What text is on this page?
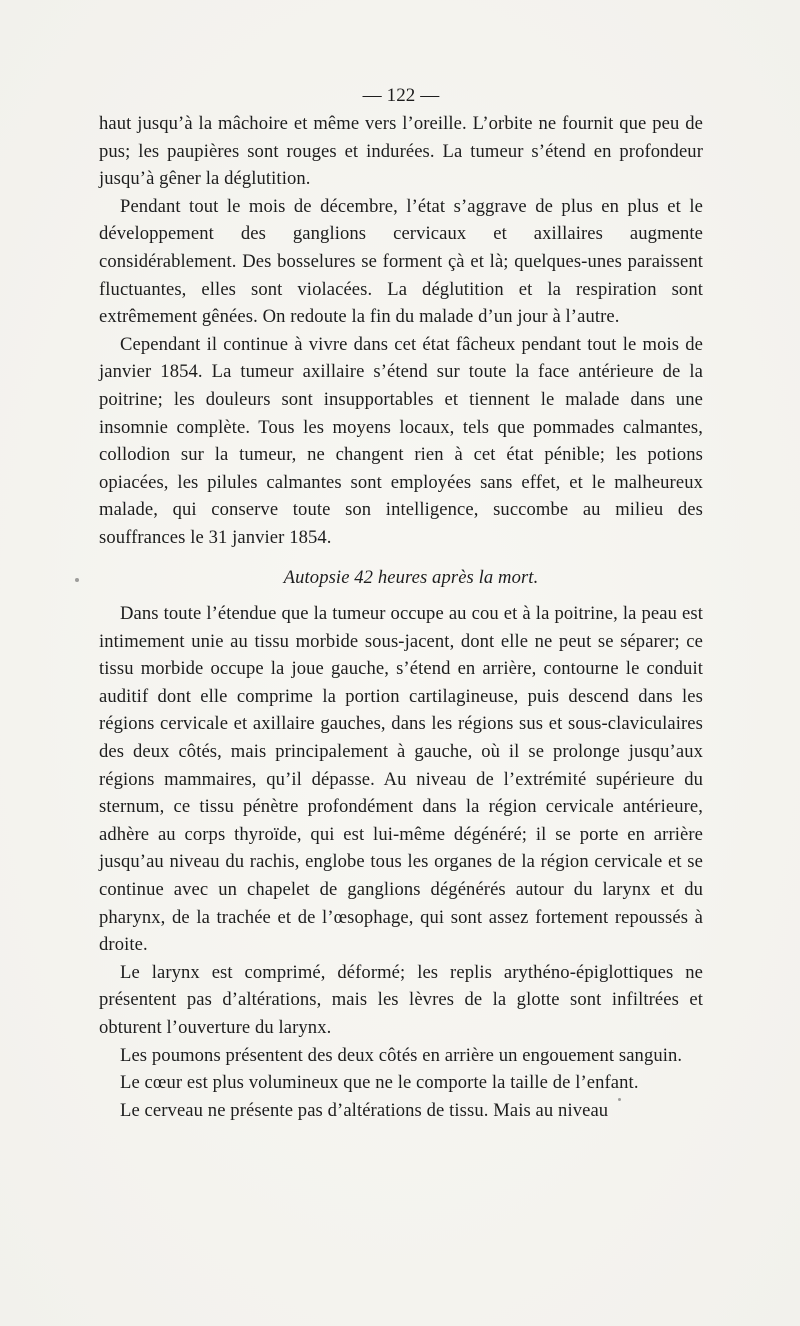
— 122 —

haut jusqu’à la mâchoire et même vers l’oreille. L’orbite ne fournit que peu de pus; les paupières sont rouges et indurées. La tumeur s’étend en profondeur jusqu’à gêner la déglutition.

Pendant tout le mois de décembre, l’état s’aggrave de plus en plus et le développement des ganglions cervicaux et axillaires augmente considérablement. Des bosselures se forment çà et là; quelques-unes paraissent fluctuantes, elles sont violacées. La déglutition et la respiration sont extrêmement gênées. On redoute la fin du malade d’un jour à l’autre.

Cependant il continue à vivre dans cet état fâcheux pendant tout le mois de janvier 1854. La tumeur axillaire s’étend sur toute la face antérieure de la poitrine; les douleurs sont insupportables et tiennent le malade dans une insomnie complète. Tous les moyens locaux, tels que pommades calmantes, collodion sur la tumeur, ne changent rien à cet état pénible; les potions opiacées, les pilules calmantes sont employées sans effet, et le malheureux malade, qui conserve toute son intelligence, succombe au milieu des souffrances le 31 janvier 1854.

Autopsie 42 heures après la mort.

Dans toute l’étendue que la tumeur occupe au cou et à la poitrine, la peau est intimement unie au tissu morbide sous-jacent, dont elle ne peut se séparer; ce tissu morbide occupe la joue gauche, s’étend en arrière, contourne le conduit auditif dont elle comprime la portion cartilagineuse, puis descend dans les régions cervicale et axillaire gauches, dans les régions sus et sous-claviculaires des deux côtés, mais principalement à gauche, où il se prolonge jusqu’aux régions mammaires, qu’il dépasse. Au niveau de l’extrémité supérieure du sternum, ce tissu pénètre profondément dans la région cervicale antérieure, adhère au corps thyroïde, qui est lui-même dégénéré; il se porte en arrière jusqu’au niveau du rachis, englobe tous les organes de la région cervicale et se continue avec un chapelet de ganglions dégénérés autour du larynx et du pharynx, de la trachée et de l’œsophage, qui sont assez fortement repoussés à droite.

Le larynx est comprimé, déformé; les replis arythéno-épiglottiques ne présentent pas d’altérations, mais les lèvres de la glotte sont infiltrées et obturent l’ouverture du larynx.

Les poumons présentent des deux côtés en arrière un engouement sanguin.

Le cœur est plus volumineux que ne le comporte la taille de l’enfant.

Le cerveau ne présente pas d’altérations de tissu. Mais au niveau
